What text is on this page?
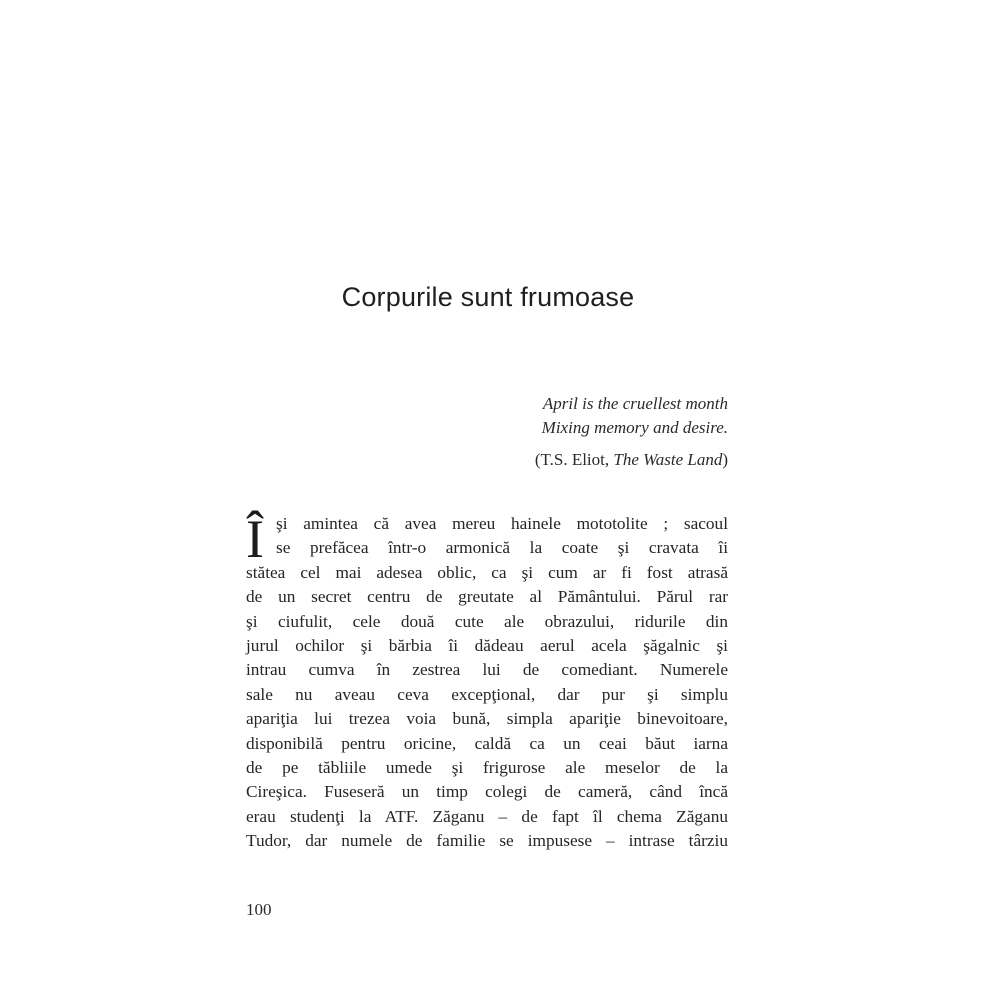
Corpurile sunt frumoase
April is the cruellest month
Mixing memory and desire.
(T.S. Eliot, The Waste Land)
Î şi amintea că avea mereu hainele mototolite ; sacoul
se prefăcea într-o armonică la coate şi cravata îi
stătea cel mai adesea oblic, ca şi cum ar fi fost atrasă
de un secret centru de greutate al Pământului. Părul rar
şi ciufulit, cele două cute ale obrazului, ridurile din
jurul ochilor şi bărbia îi dădeau aerul acela şăgalnic şi
intrau cumva în zestrea lui de comediant. Numerele
sale nu aveau ceva excepţional, dar pur şi simplu
apariţia lui trezea voia bună, simpla apariţie binevoitoare,
disponibilă pentru oricine, caldă ca un ceai băut iarna
de pe tăbliile umede şi frigurosе ale meselor de la
Cireşica. Fuseseră un timp colegi de cameră, când încă
erau studenţi la ATF. Zăganu – de fapt îl chema Zăganu
Tudor, dar numele de familie se impusese – intrase târziu
100
